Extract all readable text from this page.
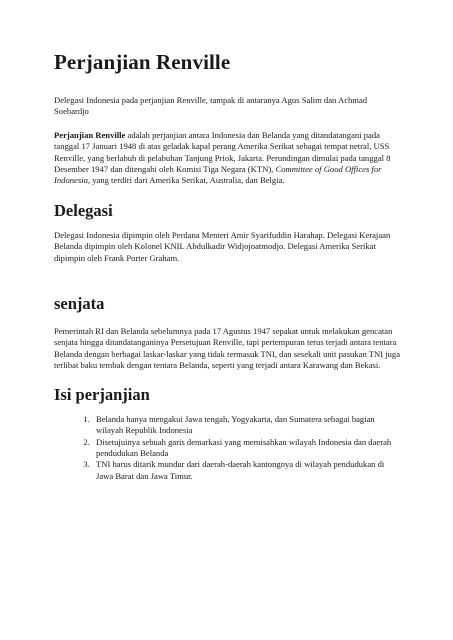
Perjanjian Renville

Delegasi Indonesia pada perjanjian Renville, tampak di antaranya Agus Salim dan Achmad Soebardjo

Perjanjian Renville adalah perjanjian antara Indonesia dan Belanda yang ditandatangani pada tanggal 17 Januari 1948 di atas geladak kapal perang Amerika Serikat sebagai tempat netral, USS Renville, yang berlabuh di pelabuhan Tanjung Priok, Jakarta. Perundingan dimulai pada tanggal 8 Desember 1947 dan ditengahi oleh Komisi Tiga Negara (KTN), Committee of Good Offices for Indonesia, yang terdiri dari Amerika Serikat, Australia, dan Belgia.

Delegasi

Delegasi Indonesia dipimpin oleh Perdana Menteri Amir Syarifuddin Harahap. Delegasi Kerajaan Belanda dipimpin oleh Kolonel KNIL Abdulkadir Widjojoatmodjo. Delegasi Amerika Serikat dipimpin oleh Frank Porter Graham.

senjata

Pemerintah RI dan Belanda sebelumnya pada 17 Agustus 1947 sepakat untuk melakukan gencatan senjata hingga ditandatanganinya Persetujuan Renville, tapi pertempuran terus terjadi antara tentara Belanda dengan berbagai laskar-laskar yang tidak termasuk TNI, dan sesekali unit pasukan TNI juga terlibat baku tembak dengan tentara Belanda, seperti yang terjadi antara Karawang dan Bekasi.

Isi perjanjian
1. Belanda hanya mengakui Jawa tengah, Yogyakarta, dan Sumatera sebagai bagian wilayah Republik Indonesia
2. Disetujuinya sebuah garis demarkasi yang memisahkan wilayah Indonesia dan daerah pendudukan Belanda
3. TNI harus ditarik mundur dari daerah-daerah kantongnya di wilayah pendudukan di Jawa Barat dan Jawa Timur.
